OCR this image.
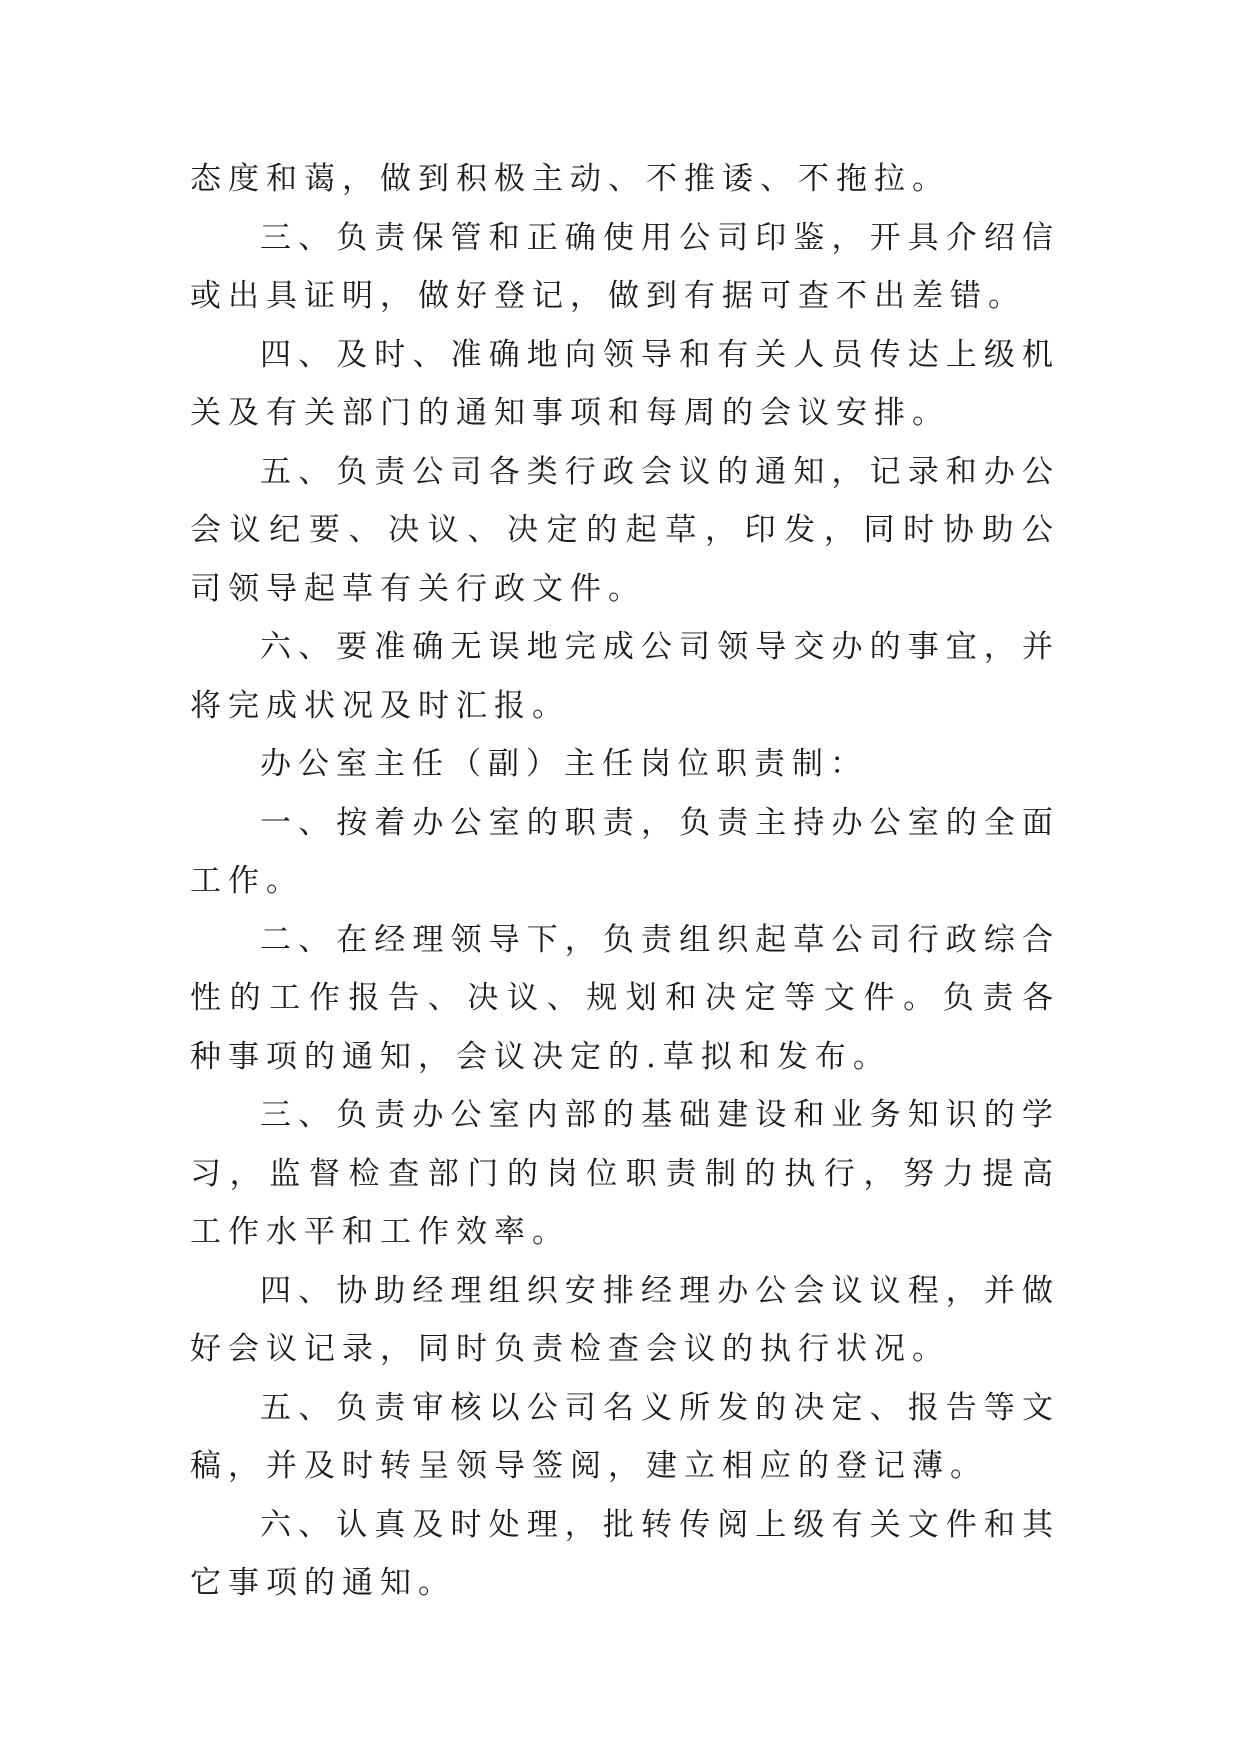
态度和蔼，做到积极主动、不推诿、不拖拉。

三、负责保管和正确使用公司印鉴，开具介绍信或出具证明，做好登记，做到有据可查不出差错。

四、及时、准确地向领导和有关人员传达上级机关及有关部门的通知事项和每周的会议安排。

五、负责公司各类行政会议的通知，记录和办公会议纪要、决议、决定的起草，印发，同时协助公司领导起草有关行政文件。

六、要准确无误地完成公司领导交办的事宜，并将完成状况及时汇报。

办公室主任（副）主任岗位职责制：

一、按着办公室的职责，负责主持办公室的全面工作。

二、在经理领导下，负责组织起草公司行政综合性的工作报告、决议、规划和决定等文件。负责各种事项的通知，会议决定的.草拟和发布。

三、负责办公室内部的基础建设和业务知识的学习，监督检查部门的岗位职责制的执行，努力提高工作水平和工作效率。

四、协助经理组织安排经理办公会议议程，并做好会议记录，同时负责检查会议的执行状况。

五、负责审核以公司名义所发的决定、报告等文稿，并及时转呈领导签阅，建立相应的登记薄。

六、认真及时处理，批转传阅上级有关文件和其它事项的通知。
